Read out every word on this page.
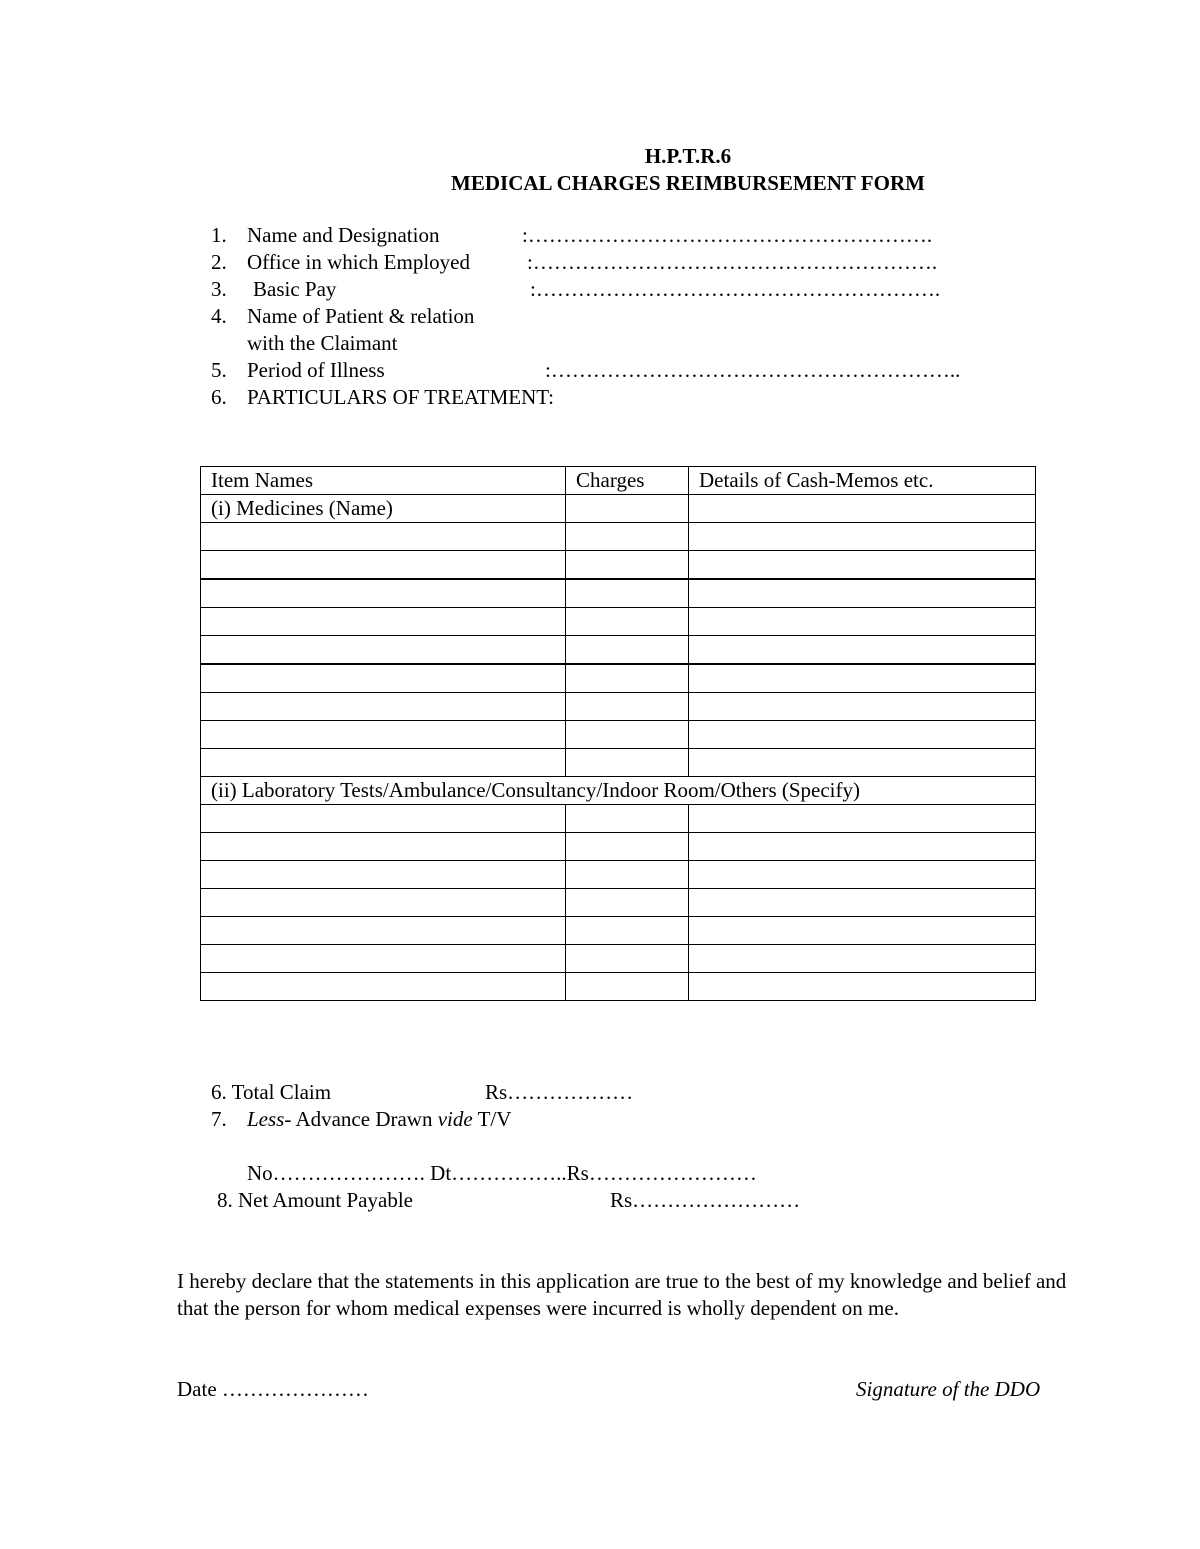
H.P.T.R.6
MEDICAL CHARGES REIMBURSEMENT FORM
1. Name and Designation	:………………………………………………….
2. Office in which Employed	:………………………………………………….
3. Basic Pay	:………………………………………………….
4. Name of Patient & relation
with the Claimant
5. Period of Illness	:…………………………………………………..
6. PARTICULARS OF TREATMENT:
Item Names	Charges	Details of Cash-Memos etc.
(i) Medicines (Name)		

(ii) Laboratory Tests/Ambulance/Consultancy/Indoor Room/Others (Specify)		

6. Total Claim	Rs………………
7. Less- Advance Drawn vide T/V
No…………………. Dt……………..Rs……………………
8. Net Amount Payable	Rs……………………
I hereby declare that the statements in this application are true to the best of my knowledge and belief and
that the person for whom medical expenses were incurred is wholly dependent on me.
Date …………………	Signature of the DDO
